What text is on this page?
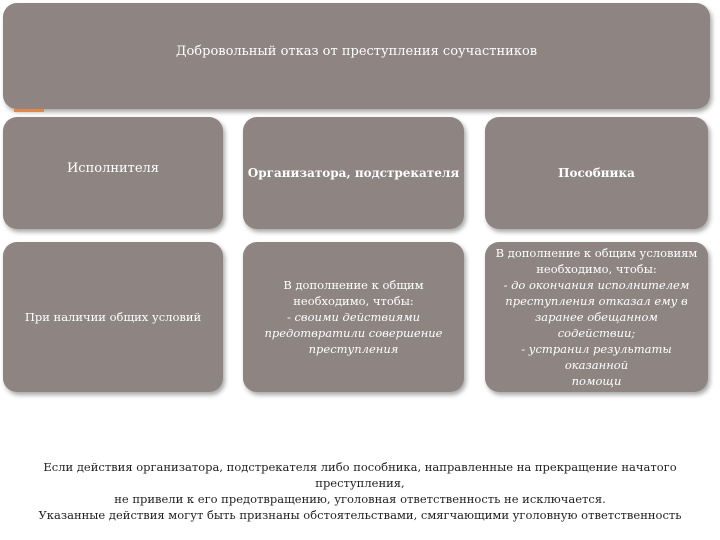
Добровольный отказ от преступления соучастников
Исполнителя	Организатора, подстрекателя	Пособника
При наличии общих условий
В дополнение к общим
необходимо, чтобы:
- своими действиями
предотвратили совершение
преступления
В дополнение к общим условиям
необходимо, чтобы:
- до окончания исполнителем
преступления отказал ему в
заранее обещанном содействии;
- устранил результаты оказанной
помощи
Если действия организатора, подстрекателя либо пособника, направленные на прекращение начатого преступления,
не привели к его предотвращению, уголовная ответственность не исключается.
Указанные действия могут быть признаны обстоятельствами, смягчающими уголовную ответственность
